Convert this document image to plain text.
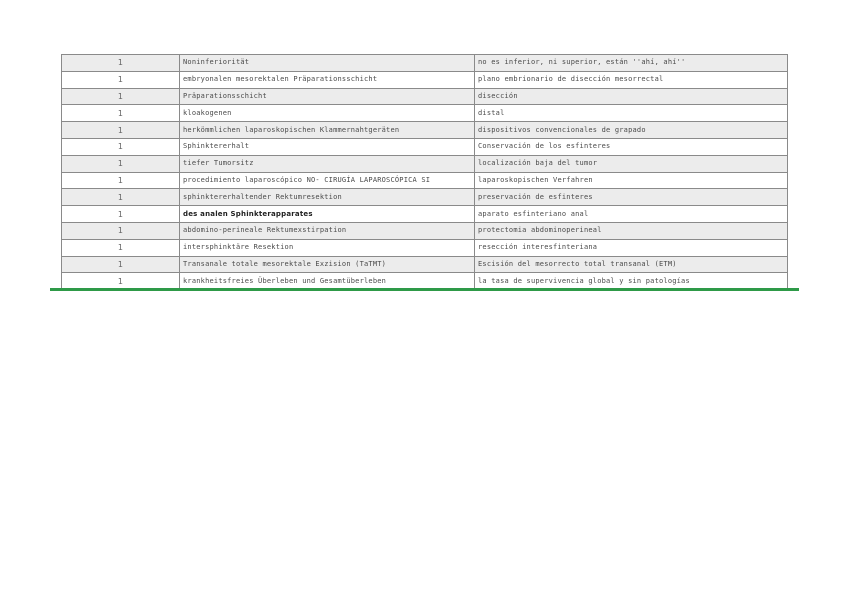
1	Noninferiorität	no es inferior, ni superior, están ''ahí, ahí''
1	embryonalen mesorektalen Präparationsschicht	plano embrionario de disección mesorrectal
1	Präparationsschicht	disección
1	kloakogenen	distal
1	herkömmlichen laparoskopischen Klammernahtgeräten	dispositivos convencionales de grapado
1	Sphinktererhalt	Conservación de los esfinteres
1	tiefer Tumorsitz	localización baja del tumor
1	procedimiento laparoscópico NO- CIRUGÍA LAPAROSCÓPICA SI	laparoskopischen Verfahren
1	sphinktererhaltender Rektumresektion	preservación de esfinteres
1	des analen Sphinkterapparates	aparato esfinteriano anal
1	abdomino-perineale Rektumexstirpation	protectomia abdominoperineal
1	intersphinktäre Resektion	resección interesfinteriana
1	Transanale totale mesorektale Exzision (TaTMT)	Escisión del mesorrecto total transanal (ETM)
1	krankheitsfreies Überleben und Gesamtüberleben	la tasa de supervivencia global y sin patologías
